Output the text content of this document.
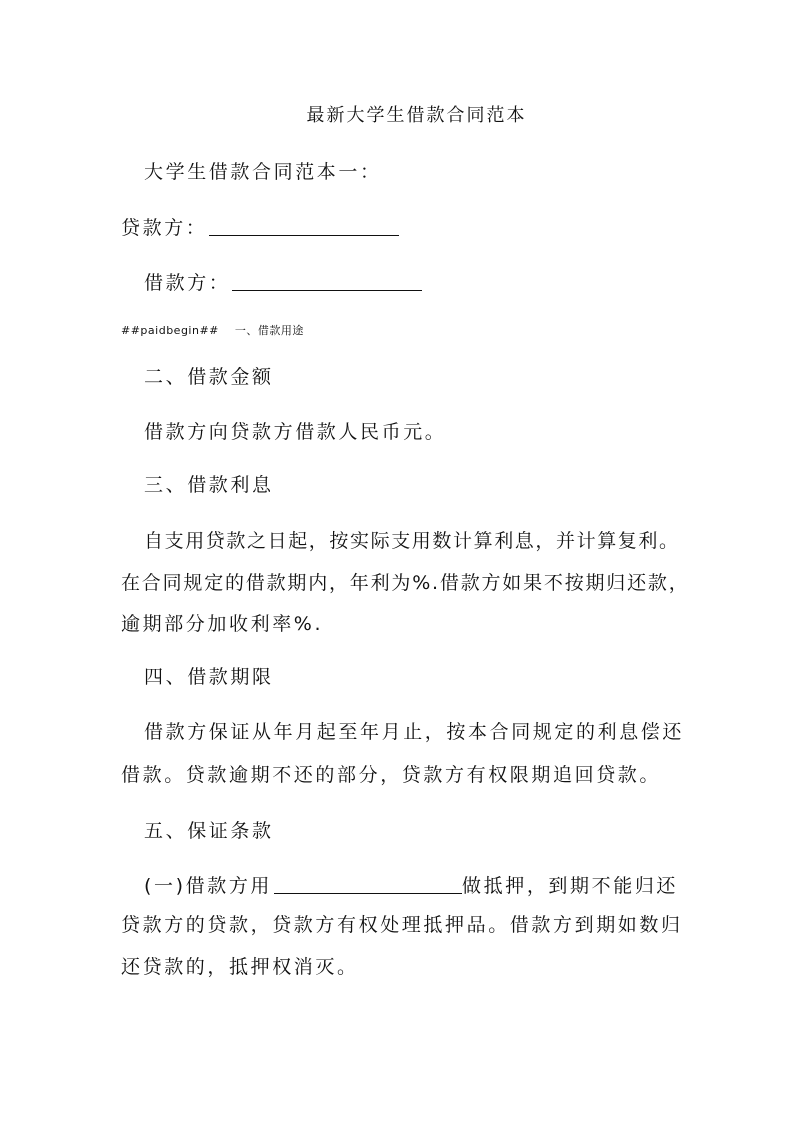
最新大学生借款合同范本
大学生借款合同范本一：
贷款方：
借款方：
##paidbegin## 一、借款用途
二、借款金额
借款方向贷款方借款人民币元。
三、借款利息
自支用贷款之日起，按实际支用数计算利息，并计算复利。
在合同规定的借款期内，年利为%.借款方如果不按期归还款，
逾期部分加收利率%.
四、借款期限
借款方保证从年月起至年月止，按本合同规定的利息偿还
借款。贷款逾期不还的部分，贷款方有权限期追回贷款。
五、保证条款
(一)借款方用	做抵押，到期不能归还
贷款方的贷款，贷款方有权处理抵押品。借款方到期如数归
还贷款的，抵押权消灭。
